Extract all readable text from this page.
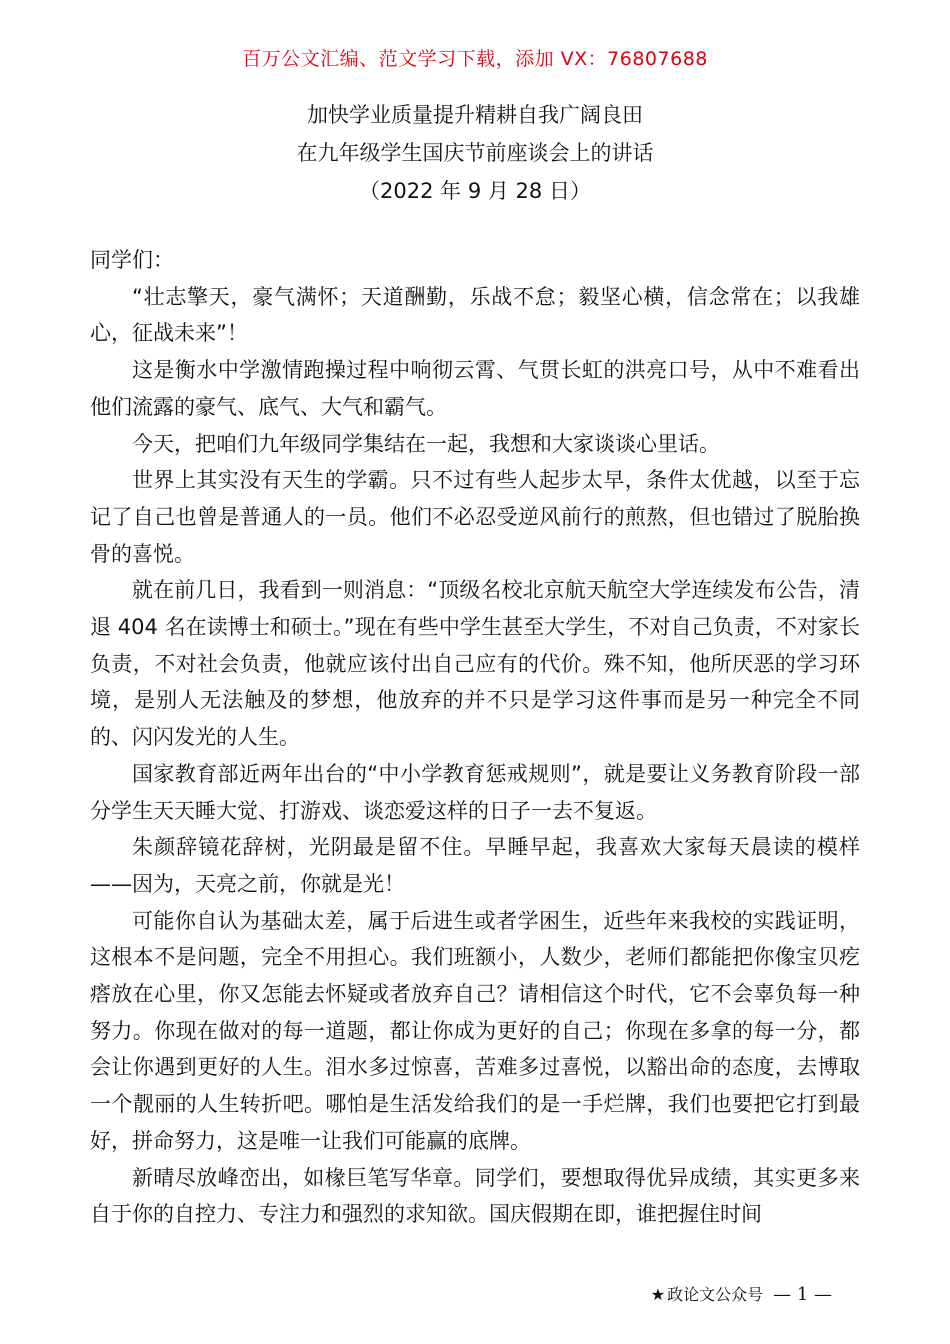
百万公文汇编、范文学习下载，添加 VX：76807688
加快学业质量提升精耕自我广阔良田
在九年级学生国庆节前座谈会上的讲话
（2022 年 9 月 28 日）

同学们：

“壮志擎天，豪气满怀；天道酬勤，乐战不怠；毅坚心横，信念常在；以我雄心，征战未来”！

这是衡水中学激情跑操过程中响彻云霄、气贯长虹的洪亮口号，从中不难看出他们流露的豪气、底气、大气和霸气。

今天，把咱们九年级同学集结在一起，我想和大家谈谈心里话。

世界上其实没有天生的学霸。只不过有些人起步太早，条件太优越，以至于忘记了自己也曾是普通人的一员。他们不必忍受逆风前行的煎熬，但也错过了脱胎换骨的喜悦。

就在前几日，我看到一则消息：“顶级名校北京航天航空大学连续发布公告，清退 404 名在读博士和硕士。”现在有些中学生甚至大学生，不对自己负责，不对家长负责，不对社会负责，他就应该付出自己应有的代价。殊不知，他所厌恶的学习环境，是别人无法触及的梦想，他放弃的并不只是学习这件事而是另一种完全不同的、闪闪发光的人生。

国家教育部近两年出台的“中小学教育惩戒规则”，就是要让义务教育阶段一部分学生天天睡大觉、打游戏、谈恋爱这样的日子一去不复返。

朱颜辞镜花辞树，光阴最是留不住。早睡早起，我喜欢大家每天晨读的模样——因为，天亮之前，你就是光！

可能你自认为基础太差，属于后进生或者学困生，近些年来我校的实践证明，这根本不是问题，完全不用担心。我们班额小，人数少，老师们都能把你像宝贝疙瘩放在心里，你又怎能去怀疑或者放弃自己？请相信这个时代，它不会辜负每一种努力。你现在做对的每一道题，都让你成为更好的自己；你现在多拿的每一分，都会让你遇到更好的人生。泪水多过惊喜，苦难多过喜悦，以豁出命的态度，去博取一个靓丽的人生转折吧。哪怕是生活发给我们的是一手烂牌，我们也要把它打到最好，拼命努力，这是唯一让我们可能赢的底牌。

新晴尽放峰峦出，如椽巨笔写华章。同学们，要想取得优异成绩，其实更多来自于你的自控力、专注力和强烈的求知欲。国庆假期在即，谁把握住时间

★ 政论文公众号 — 1 —
